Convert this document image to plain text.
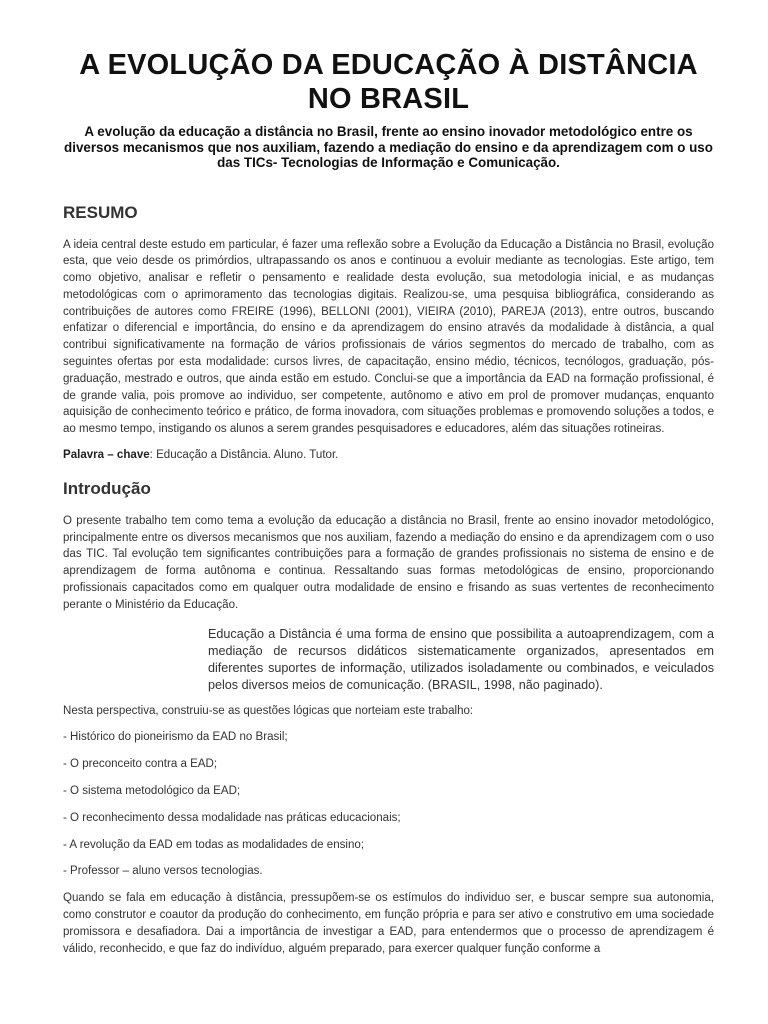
A EVOLUÇÃO DA EDUCAÇÃO À DISTÂNCIA NO BRASIL
A evolução da educação a distância no Brasil, frente ao ensino inovador metodológico entre os diversos mecanismos que nos auxiliam, fazendo a mediação do ensino e da aprendizagem com o uso das TICs- Tecnologias de Informação e Comunicação.
RESUMO

A ideia central deste estudo em particular, é fazer uma reflexão sobre a Evolução da Educação a Distância no Brasil, evolução esta, que veio desde os primórdios, ultrapassando os anos e continuou a evoluir mediante as tecnologias. Este artigo, tem como objetivo, analisar e refletir o pensamento e realidade desta evolução, sua metodologia inicial, e as mudanças metodológicas com o aprimoramento das tecnologias digitais. Realizou-se, uma pesquisa bibliográfica, considerando as contribuições de autores como FREIRE (1996), BELLONI (2001), VIEIRA (2010), PAREJA (2013), entre outros, buscando enfatizar o diferencial e importância, do ensino e da aprendizagem do ensino através da modalidade à distância, a qual contribui significativamente na formação de vários profissionais de vários segmentos do mercado de trabalho, com as seguintes ofertas por esta modalidade: cursos livres, de capacitação, ensino médio, técnicos, tecnólogos, graduação, pós-graduação, mestrado e outros, que ainda estão em estudo. Conclui-se que a importância da EAD na formação profissional, é de grande valia, pois promove ao individuo, ser competente, autônomo e ativo em prol de promover mudanças, enquanto aquisição de conhecimento teórico e prático, de forma inovadora, com situações problemas e promovendo soluções a todos, e ao mesmo tempo, instigando os alunos a serem grandes pesquisadores e educadores, além das situações rotineiras.

Palavra – chave: Educação a Distância. Aluno. Tutor.

Introdução

O presente trabalho tem como tema a evolução da educação a distância no Brasil, frente ao ensino inovador metodológico, principalmente entre os diversos mecanismos que nos auxiliam, fazendo a mediação do ensino e da aprendizagem com o uso das TIC. Tal evolução tem significantes contribuições para a formação de grandes profissionais no sistema de ensino e de aprendizagem de forma autônoma e continua. Ressaltando suas formas metodológicas de ensino, proporcionando profissionais capacitados como em qualquer outra modalidade de ensino e frisando as suas vertentes de reconhecimento perante o Ministério da Educação.

Educação a Distância é uma forma de ensino que possibilita a autoaprendizagem, com a mediação de recursos didáticos sistematicamente organizados, apresentados em diferentes suportes de informação, utilizados isoladamente ou combinados, e veiculados pelos diversos meios de comunicação. (BRASIL, 1998, não paginado).

Nesta perspectiva, construiu-se as questões lógicas que norteiam este trabalho:

- Histórico do pioneirismo da EAD no Brasil;
- O preconceito contra a EAD;
- O sistema metodológico da EAD;
- O reconhecimento dessa modalidade nas práticas educacionais;
- A revolução da EAD em todas as modalidades de ensino;
- Professor – aluno versos tecnologias.

Quando se fala em educação à distância, pressupõem-se os estímulos do individuo ser, e buscar sempre sua autonomia, como construtor e coautor da produção do conhecimento, em função própria e para ser ativo e construtivo em uma sociedade promissora e desafiadora. Dai a importância de investigar a EAD, para entendermos que o processo de aprendizagem é válido, reconhecido, e que faz do indivíduo, alguém preparado, para exercer qualquer função conforme a
